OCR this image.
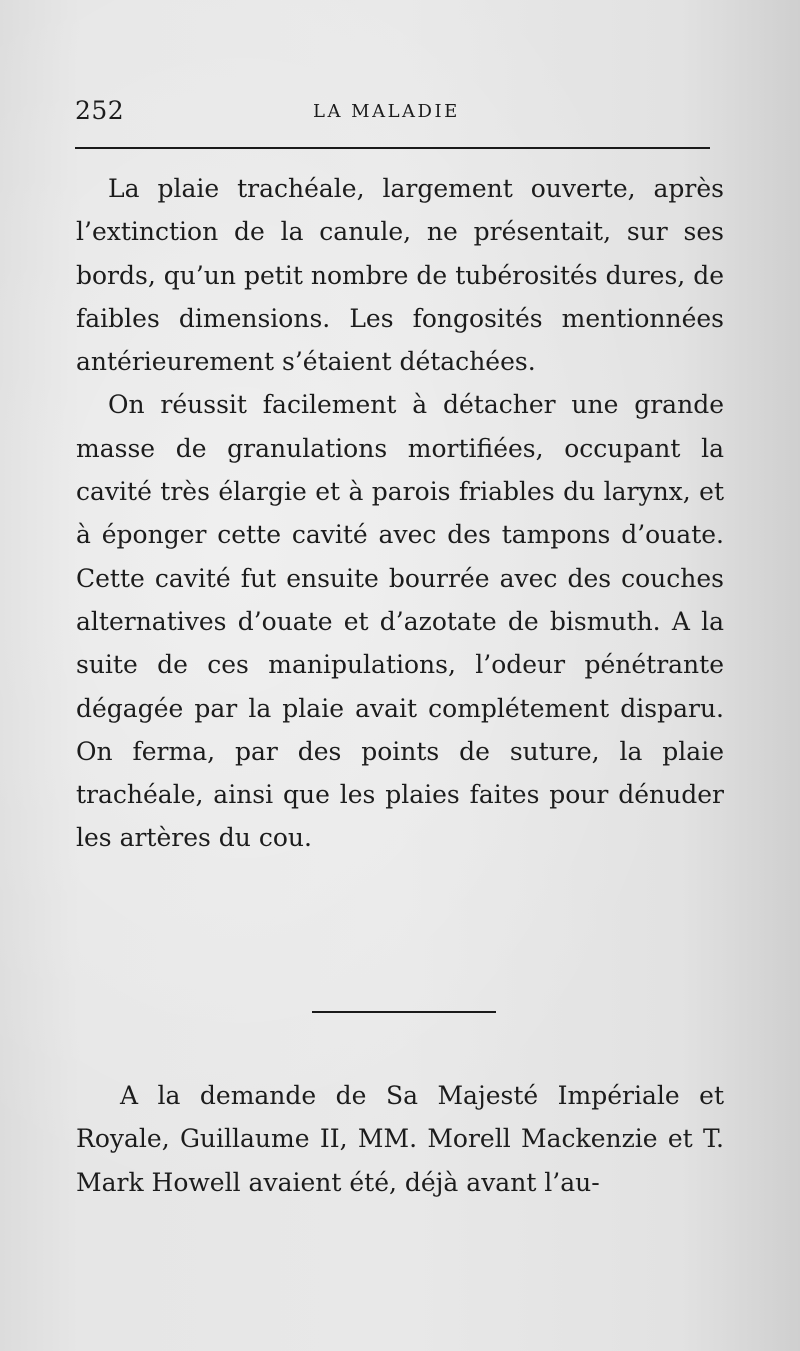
252	LA MALADIE

La plaie trachéale, largement ouverte, après l’extinction de la canule, ne présentait, sur ses bords, qu’un petit nombre de tubérosités dures, de faibles dimensions. Les fongosités mentionnées antérieurement s’étaient détachées.

On réussit facilement à détacher une grande masse de granulations mortifiées, occupant la cavité très élargie et à parois friables du larynx, et à éponger cette cavité avec des tampons d’ouate. Cette cavité fut ensuite bourrée avec des couches alternatives d’ouate et d’azotate de bismuth. A la suite de ces manipulations, l’odeur pénétrante dégagée par la plaie avait complétement disparu. On ferma, par des points de suture, la plaie trachéale, ainsi que les plaies faites pour dénuder les artères du cou.

A la demande de Sa Majesté Impériale et Royale, Guillaume II, MM. Morell Mackenzie et T. Mark Howell avaient été, déjà avant l’au-
